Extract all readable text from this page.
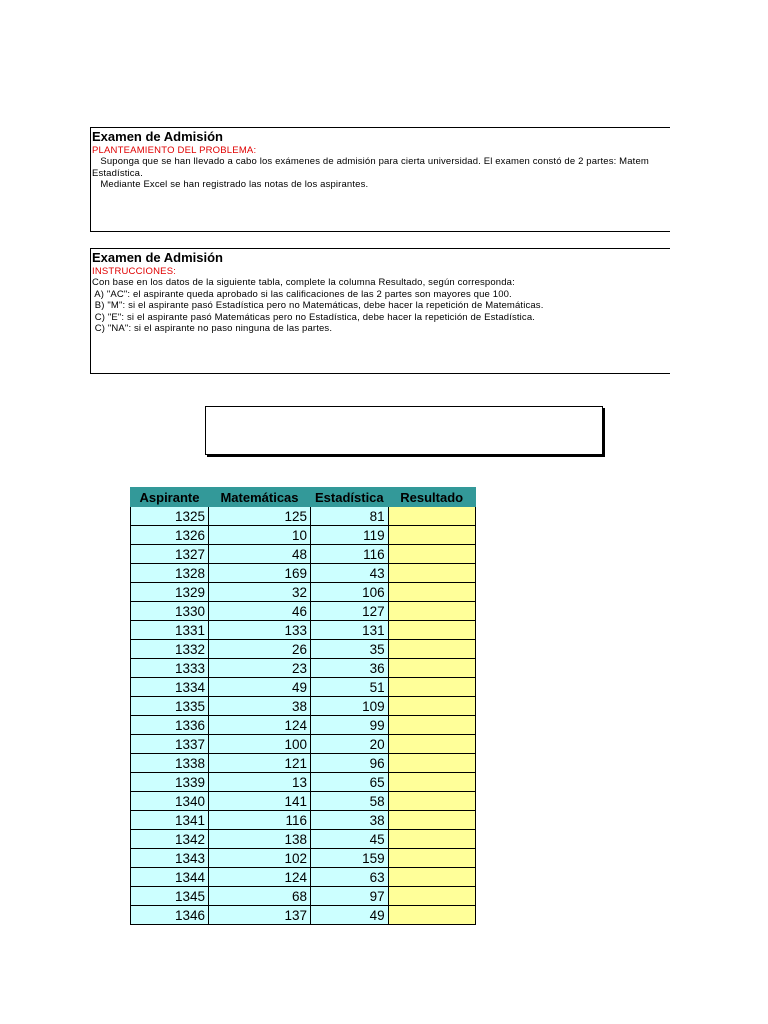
Examen de Admisión
PLANTEAMIENTO DEL PROBLEMA:
Suponga que se han llevado a cabo los exámenes de admisión para cierta universidad. El examen constó de 2 partes: Matem
Estadística.
Mediante Excel se han registrado las notas de los aspirantes.
Examen de Admisión
INSTRUCCIONES:
Con base en los datos de la siguiente tabla, complete la columna Resultado, según corresponda:
A) "AC": el aspirante queda aprobado si las calificaciones de las 2 partes son mayores que 100.
B) "M": si el aspirante pasó Estadística pero no Matemáticas, debe hacer la repetición de Matemáticas.
C) "E": si el aspirante pasó Matemáticas pero no Estadística, debe hacer la repetición de Estadística.
C) "NA": si el aspirante no paso ninguna de las partes.
Aspirante	Matemáticas	Estadística	Resultado
1325	125	81	
1326	10	119	
1327	48	116	
1328	169	43	
1329	32	106	
1330	46	127	
1331	133	131	
1332	26	35	
1333	23	36	
1334	49	51	
1335	38	109	
1336	124	99	
1337	100	20	
1338	121	96	
1339	13	65	
1340	141	58	
1341	116	38	
1342	138	45	
1343	102	159	
1344	124	63	
1345	68	97	
1346	137	49	
